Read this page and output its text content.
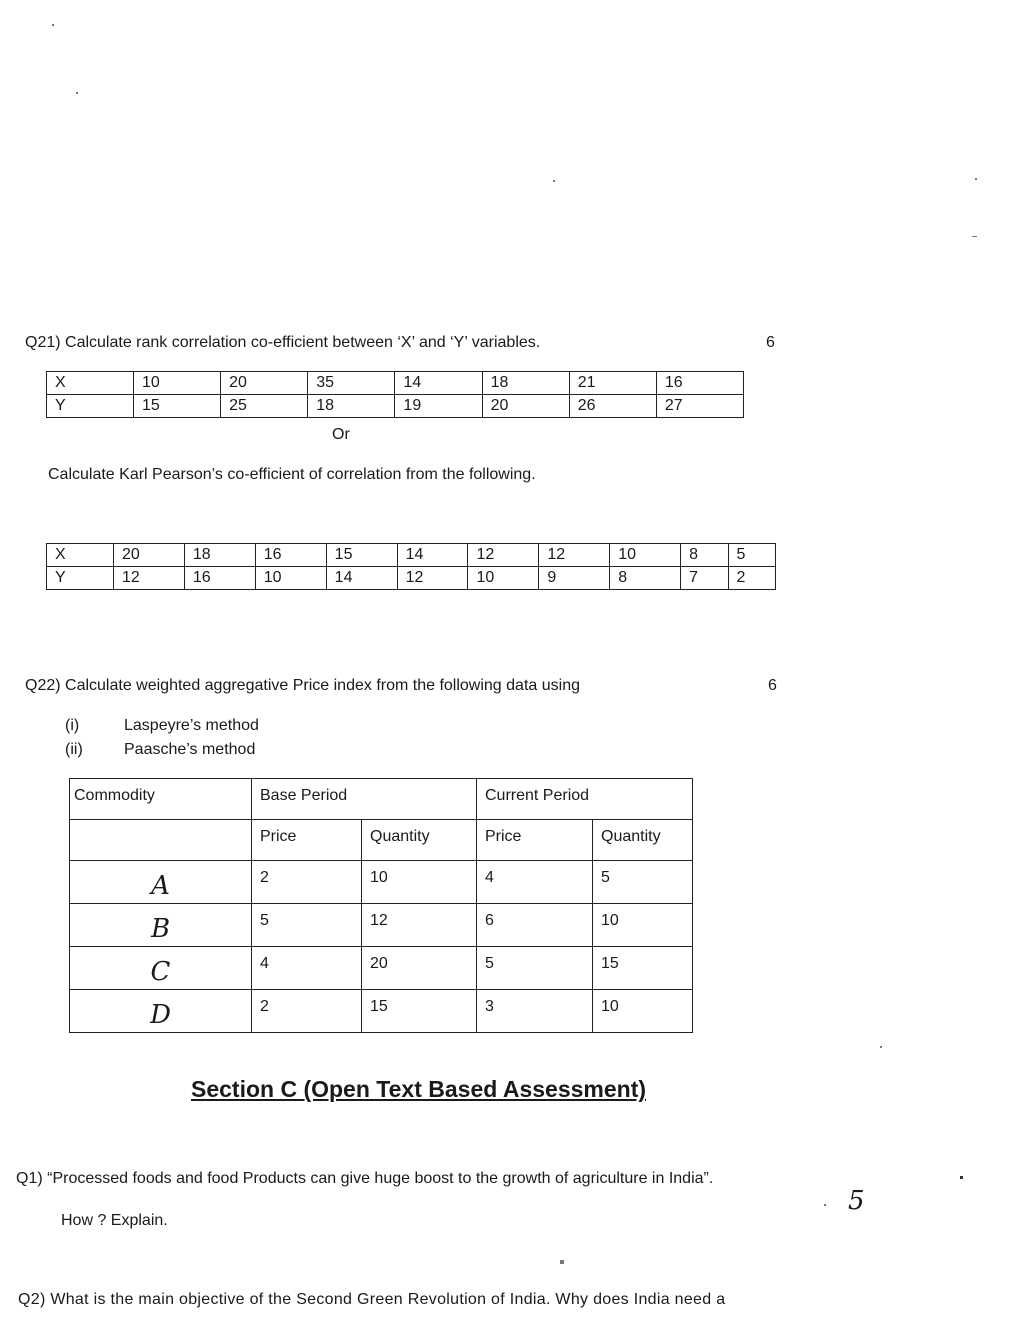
Q21) Calculate rank correlation co-efficient between ‘X’ and ‘Y’ variables.	6
X	10	20	35	14	18	21	16
Y	15	25	18	19	20	26	27
Or
Calculate Karl Pearson’s co-efficient of correlation from the following.
X	20	18	16	15	14	12	12	10	8	5
Y	12	16	10	14	12	10	9	8	7	2
Q22) Calculate weighted aggregative Price index from the following data using	6
(i)	Laspeyre’s method
(ii)	Paasche’s method
Commodity	Base Period		Current Period	
	Price	Quantity	Price	Quantity
A	2	10	4	5
B	5	12	6	10
C	4	20	5	15
D	2	15	3	10
Section C (Open Text Based Assessment)
Q1) “Processed foods and food Products can give huge boost to the growth of agriculture in India”.
How ? Explain.
Q2) What is the main objective of the Second Green Revolution of India. Why does India need a
5
